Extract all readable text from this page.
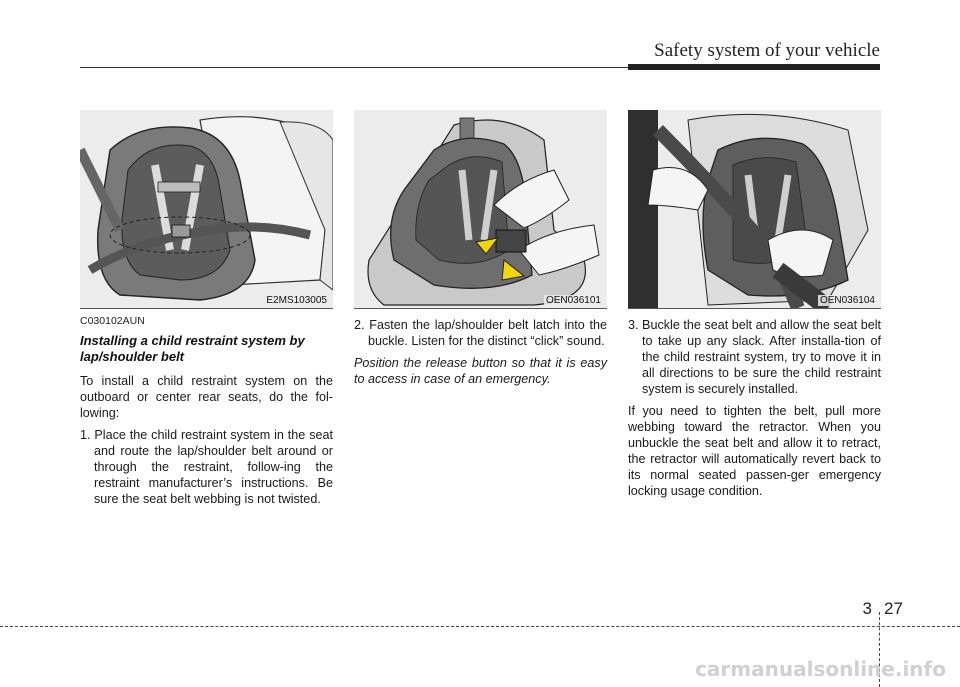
Safety system of your vehicle
E2MS103005
C030102AUN
Installing a child restraint system by lap/shoulder belt

To install a child restraint system on the outboard or center rear seats, do the fol-lowing:

1. Place the child restraint system in the seat and route the lap/shoulder belt around or through the restraint, follow-ing the restraint manufacturer’s instructions. Be sure the seat belt webbing is not twisted.

OEN036101

2. Fasten the lap/shoulder belt latch into the buckle. Listen for the distinct “click” sound.

Position the release button so that it is easy to access in case of an emergency.

OEN036104

3. Buckle the seat belt and allow the seat belt to take up any slack. After installa-tion of the child restraint system, try to move it in all directions to be sure the child restraint system is securely installed.

If you need to tighten the belt, pull more webbing toward the retractor. When you unbuckle the seat belt and allow it to retract, the retractor will automatically revert back to its normal seated passen-ger emergency locking usage condition.

3 27
carmanualsonline.info
